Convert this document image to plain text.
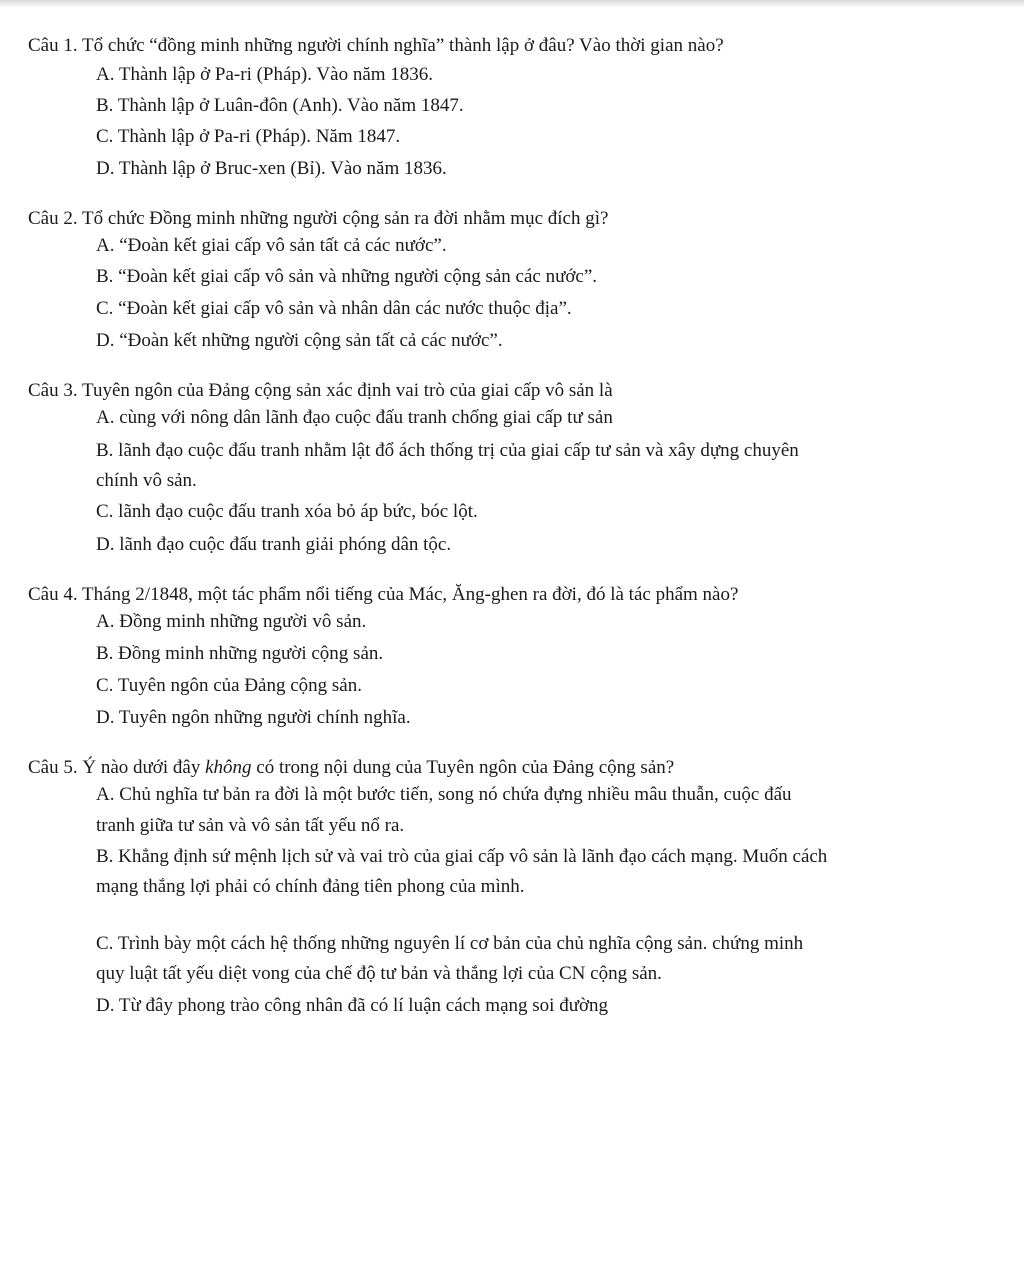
Câu 1. Tổ chức “đồng minh những người chính nghĩa” thành lập ở đâu? Vào thời gian nào?
A. Thành lập ở Pa-ri (Pháp). Vào năm 1836.
B. Thành lập ở Luân-đôn (Anh). Vào năm 1847.
C. Thành lập ở Pa-ri (Pháp). Năm 1847.
D. Thành lập ở Bruc-xen (Bỉ). Vào năm 1836.
Câu 2. Tổ chức Đồng minh những người cộng sản ra đời nhằm mục đích gì?
A. “Đoàn kết giai cấp vô sản tất cả các nước”.
B. “Đoàn kết giai cấp vô sản và những người cộng sản các nước”.
C. “Đoàn kết giai cấp vô sản và nhân dân các nước thuộc địa”.
D. “Đoàn kết những người cộng sản tất cả các nước”.
Câu 3. Tuyên ngôn của Đảng cộng sản xác định vai trò của giai cấp vô sản là
A. cùng với nông dân lãnh đạo cuộc đấu tranh chống giai cấp tư sản
B. lãnh đạo cuộc đấu tranh nhằm lật đổ ách thống trị của giai cấp tư sản và xây dựng chuyên
chính vô sản.
C. lãnh đạo cuộc đấu tranh xóa bỏ áp bức, bóc lột.
D. lãnh đạo cuộc đấu tranh giải phóng dân tộc.
Câu 4. Tháng 2/1848, một tác phẩm nổi tiếng của Mác, Ăng-ghen ra đời, đó là tác phẩm nào?
A. Đồng minh những người vô sản.
B. Đồng minh những người cộng sản.
C. Tuyên ngôn của Đảng cộng sản.
D. Tuyên ngôn những người chính nghĩa.
Câu 5. Ý nào dưới đây không có trong nội dung của Tuyên ngôn của Đảng cộng sản?
A. Chủ nghĩa tư bản ra đời là một bước tiến, song nó chứa đựng nhiều mâu thuẫn, cuộc đấu
tranh giữa tư sản và vô sản tất yếu nổ ra.
B. Khẳng định sứ mệnh lịch sử và vai trò của giai cấp vô sản là lãnh đạo cách mạng. Muốn cách
mạng thắng lợi phải có chính đảng tiên phong của mình.
C. Trình bày một cách hệ thống những nguyên lí cơ bản của chủ nghĩa cộng sản. chứng minh
quy luật tất yếu diệt vong của chế độ tư bản và thắng lợi của CN cộng sản.
D. Từ đây phong trào công nhân đã có lí luận cách mạng soi đường
